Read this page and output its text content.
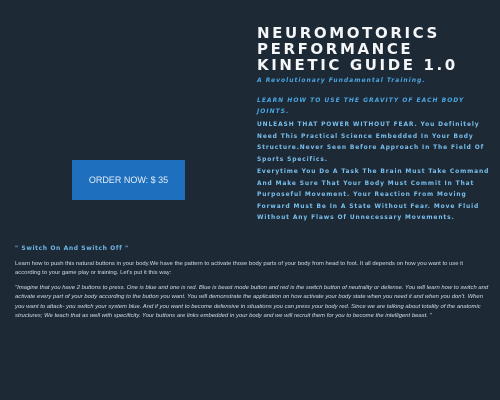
ORDER NOW: $ 35
NEUROMOTORICS PERFORMANCE KINETIC GUIDE 1.0

A Revolutionary Fundamental Training.

LEARN HOW TO USE THE GRAVITY OF EACH BODY JOINTS.

UNLEASH THAT POWER WITHOUT FEAR. You Definitely Need This Practical Science Embedded In Your Body Structure.Never Seen Before Approach In The Field Of Sports Specifics.

Everytime You Do A Task The Brain Must Take Command And Make Sure That Your Body Must Commit In That Purposeful Movement. Your Reaction From Moving Forward Must Be In A State Without Fear. Move Fluid Without Any Flaws Of Unnecessary Movements.

" Switch On And Switch Off "

Learn how to push this natural buttons in your body.We have the pattern to activate those body parts of your body from head to foot. It all depends on how you want to use it according to your game play or training. Let's put it this way:

"Imagine that you have 2 buttons to press. One is blue and one is red. Blue is beast mode button and red is the switch button of neutrality or defense. You will learn how to switch and activate every part of your body according to the button you want. You will demonstrate the application on how activate your body state when you need it and when you don't. When you want to attack- you switch your system blue. And if you want to become defensive in situations you can press your body red. Since we are talking about totality of the anatomic structures; We teach that as well with specificity. Your buttons are links embedded in your body and we will recruit them for you to become the intelligent beast. "
